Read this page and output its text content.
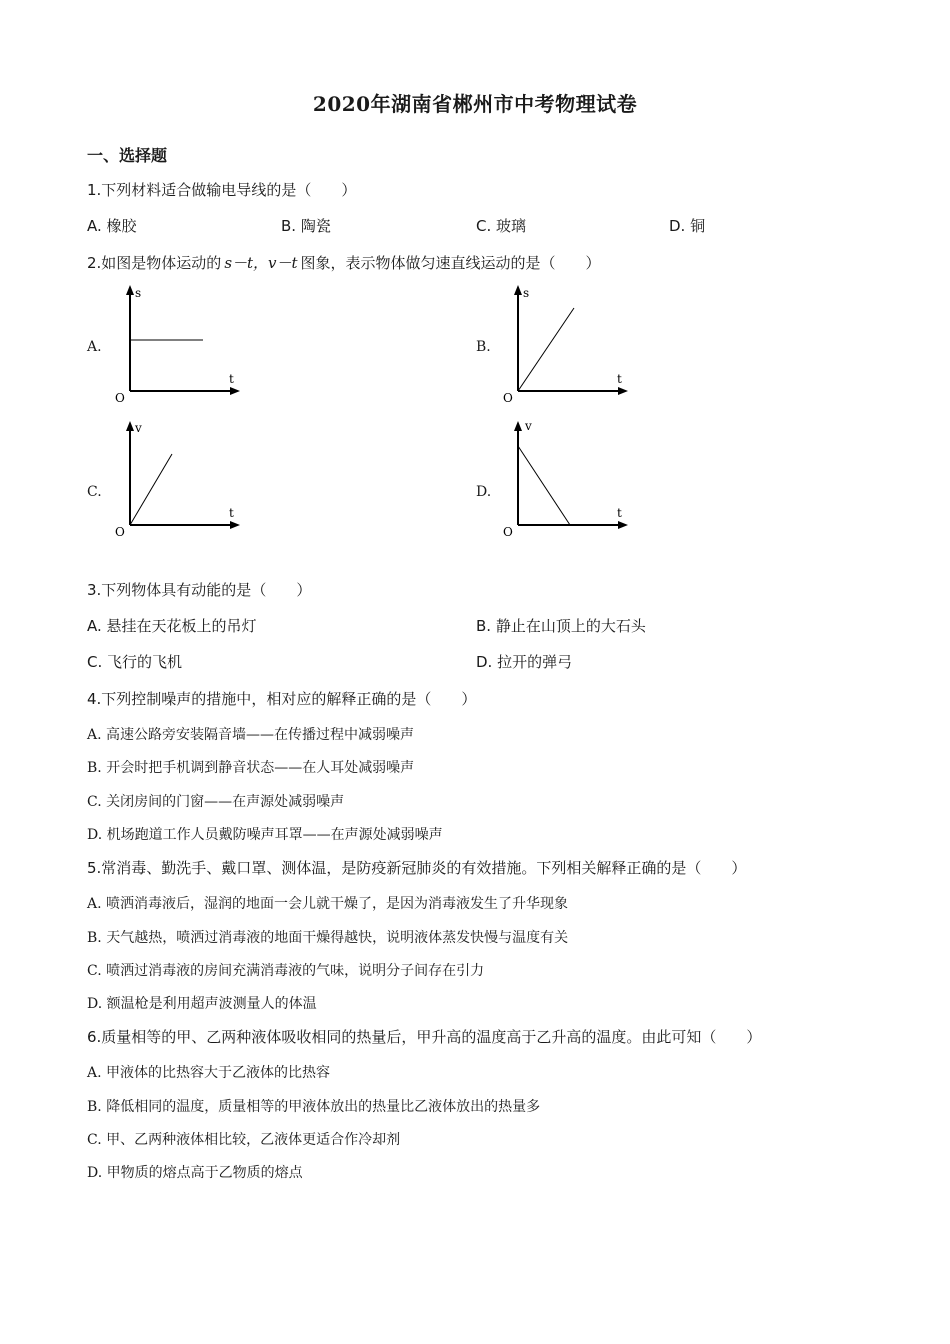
2020年湖南省郴州市中考物理试卷
一、选择题
1.下列材料适合做输电导线的是（　　）
A. 橡胶	B. 陶瓷	C. 玻璃	D. 铜
2.如图是物体运动的 s－t，v－t 图象，表示物体做匀速直线运动的是（　　）
A.
s
t
O
B.
s
t
O
C.
v
t
O
D.
v
t
O
3.下列物体具有动能的是（　　）
A. 悬挂在天花板上的吊灯	B. 静止在山顶上的大石头
C. 飞行的飞机	D. 拉开的弹弓
4.下列控制噪声的措施中，相对应的解释正确的是（　　）
A. 高速公路旁安装隔音墙——在传播过程中减弱噪声
B. 开会时把手机调到静音状态——在人耳处减弱噪声
C. 关闭房间的门窗——在声源处减弱噪声
D. 机场跑道工作人员戴防噪声耳罩——在声源处减弱噪声
5.常消毒、勤洗手、戴口罩、测体温，是防疫新冠肺炎的有效措施。下列相关解释正确的是（　　）
A. 喷洒消毒液后，湿润的地面一会儿就干燥了，是因为消毒液发生了升华现象
B. 天气越热，喷洒过消毒液的地面干燥得越快，说明液体蒸发快慢与温度有关
C. 喷洒过消毒液的房间充满消毒液的气味，说明分子间存在引力
D. 额温枪是利用超声波测量人的体温
6.质量相等的甲、乙两种液体吸收相同的热量后，甲升高的温度高于乙升高的温度。由此可知（　　）
A. 甲液体的比热容大于乙液体的比热容
B. 降低相同的温度，质量相等的甲液体放出的热量比乙液体放出的热量多
C. 甲、乙两种液体相比较，乙液体更适合作冷却剂
D. 甲物质的熔点高于乙物质的熔点
